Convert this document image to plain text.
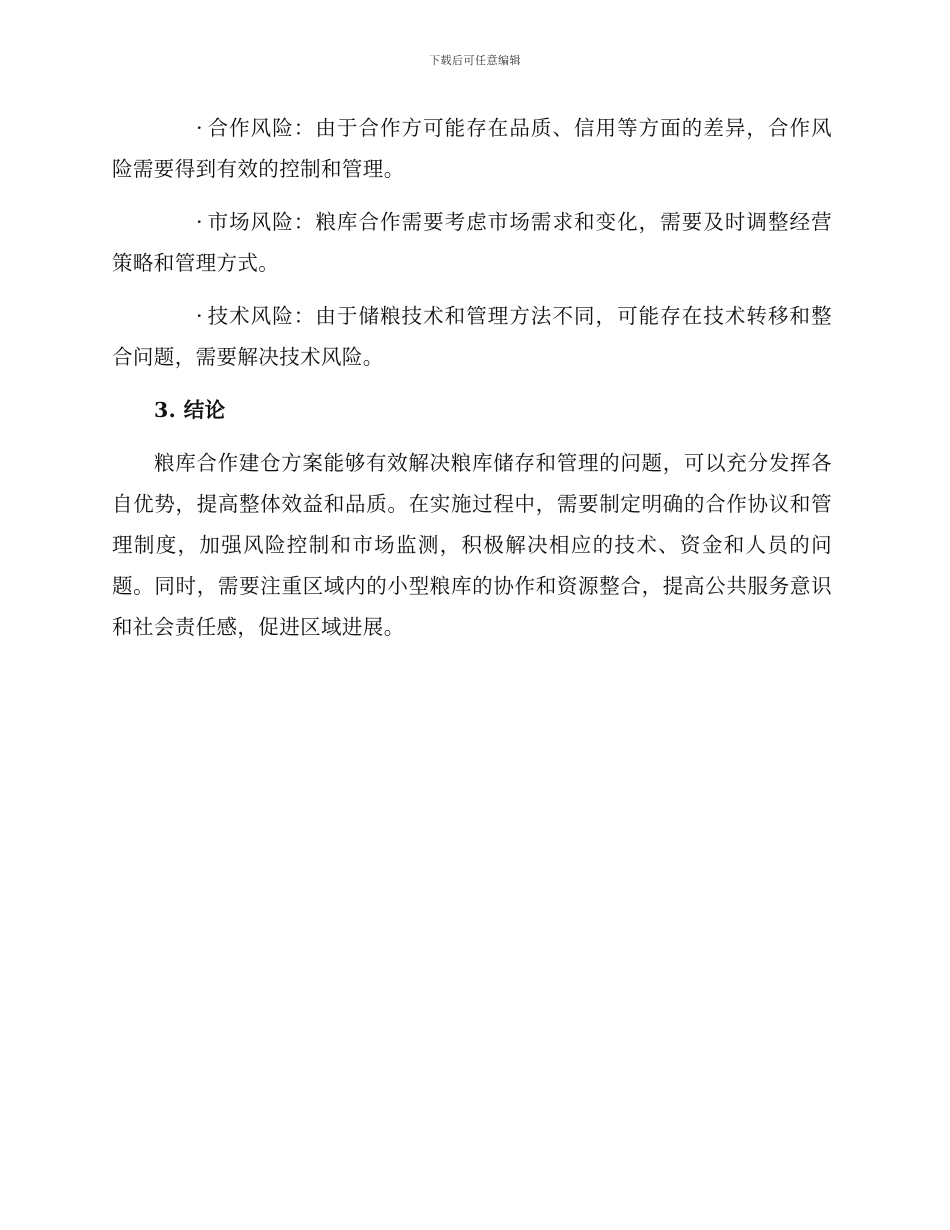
下载后可任意编辑

· 合作风险：由于合作方可能存在品质、信用等方面的差异，合作风险需要得到有效的控制和管理。

· 市场风险：粮库合作需要考虑市场需求和变化，需要及时调整经营策略和管理方式。

· 技术风险：由于储粮技术和管理方法不同，可能存在技术转移和整合问题，需要解决技术风险。

3. 结论

粮库合作建仓方案能够有效解决粮库储存和管理的问题，可以充分发挥各自优势，提高整体效益和品质。在实施过程中，需要制定明确的合作协议和管理制度，加强风险控制和市场监测，积极解决相应的技术、资金和人员的问题。同时，需要注重区域内的小型粮库的协作和资源整合，提高公共服务意识和社会责任感，促进区域进展。
